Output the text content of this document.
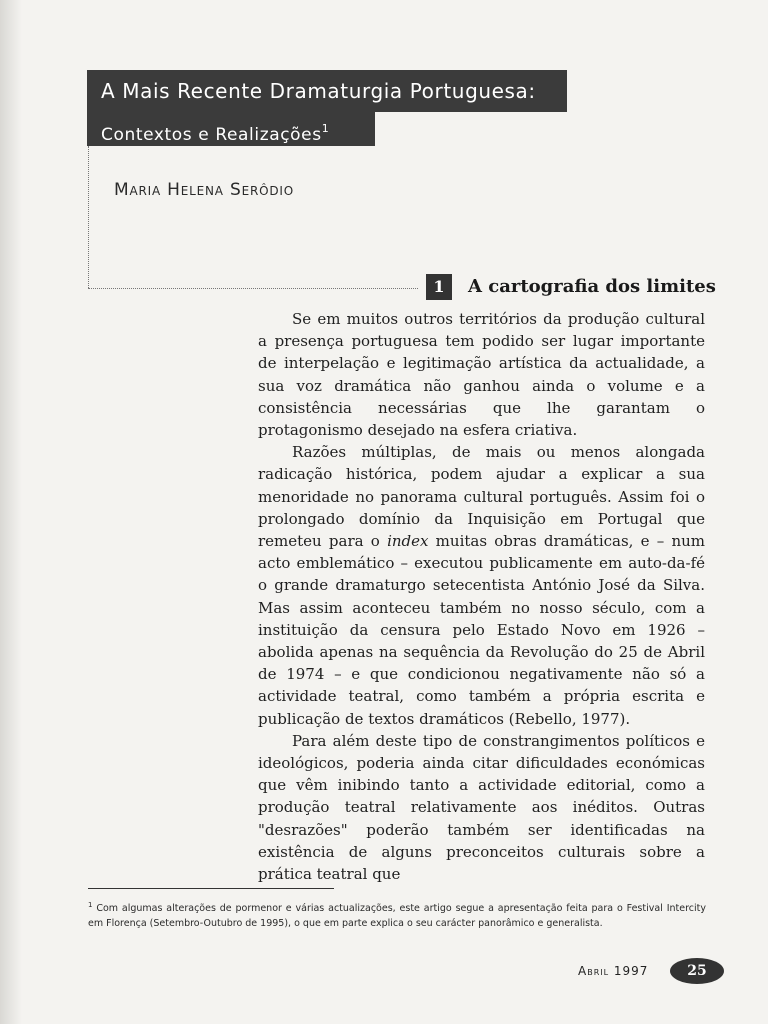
A Mais Recente Dramaturgia Portuguesa:
Contextos e Realizações$^1$
Maria Helena Serôdio
1	A cartografia dos limites

Se em muitos outros territórios da produção cultural a presença portuguesa tem podido ser lugar importante de interpelação e legitimação artística da actualidade, a sua voz dramática não ganhou ainda o volume e a consistência necessárias que lhe garantam o protagonismo desejado na esfera criativa.

Razões múltiplas, de mais ou menos alongada radicação histórica, podem ajudar a explicar a sua menoridade no panorama cultural português. Assim foi o prolongado domínio da Inquisição em Portugal que remeteu para o index muitas obras dramáticas, e – num acto emblemático – executou publicamente em auto-da-fé o grande dramaturgo setecentista António José da Silva. Mas assim aconteceu também no nosso século, com a instituição da censura pelo Estado Novo em 1926 – abolida apenas na sequência da Revolução do 25 de Abril de 1974 – e que condicionou negativamente não só a actividade teatral, como também a própria escrita e publicação de textos dramáticos (Rebello, 1977).

Para além deste tipo de constrangimentos políticos e ideológicos, poderia ainda citar dificuldades económicas que vêm inibindo tanto a actividade editorial, como a produção teatral relativamente aos inéditos. Outras "desrazões" poderão também ser identificadas na existência de alguns preconceitos culturais sobre a prática teatral que

$^1$ Com algumas alterações de pormenor e várias actualizações, este artigo segue a apresentação feita para o Festival Intercity em Florença (Setembro-Outubro de 1995), o que em parte explica o seu carácter panorâmico e generalista.
Abril 1997	25
